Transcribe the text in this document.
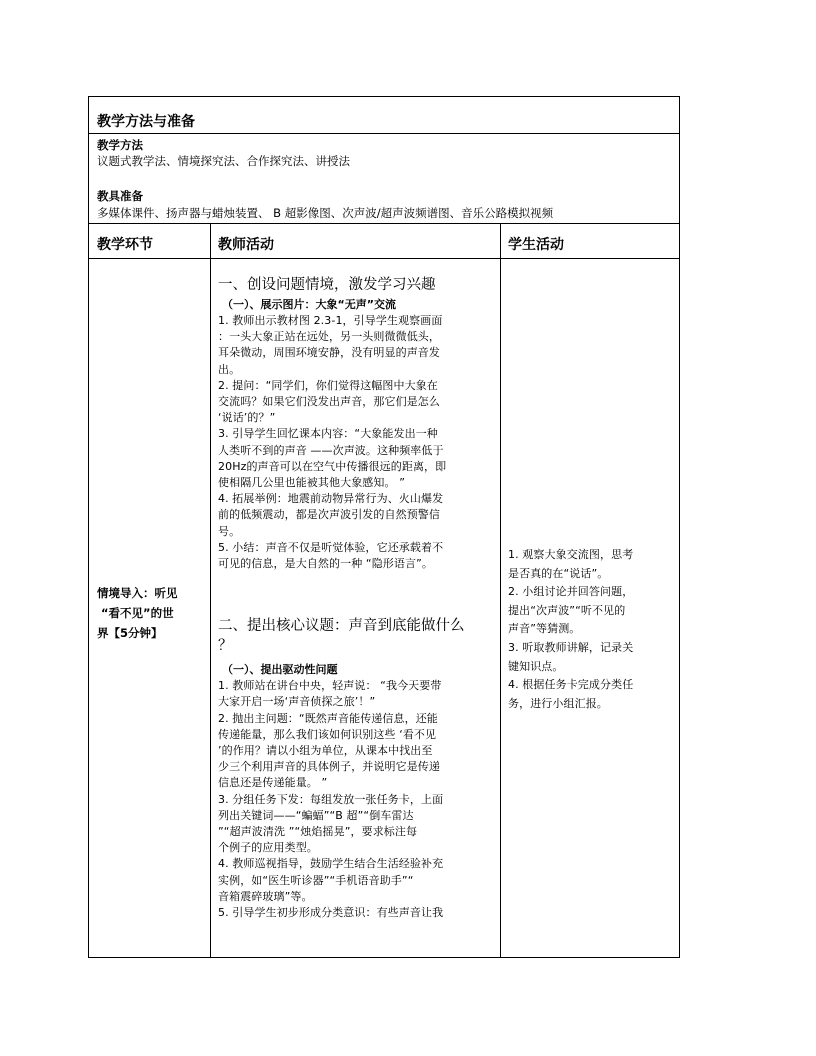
教学方法与准备
教学方法
议题式教学法、情境探究法、合作探究法、讲授法
教具准备
多媒体课件、扬声器与蜡烛装置、 B 超影像图、次声波/超声波频谱图、音乐公路模拟视频
教学环节	教师活动	学生活动
情境导入：听见
“看不见”的世
界【5分钟】

一、创设问题情境，激发学习兴趣

（一）、展示图片：大象“无声”交流

1. 教师出示教材图 2.3-1，引导学生观察画面

：一头大象正站在远处，另一头则微微低头，

耳朵微动，周围环境安静，没有明显的声音发

出。

2. 提问：“同学们，你们觉得这幅图中大象在

交流吗？如果它们没发出声音，那它们是怎么

‘说话’的？”

3. 引导学生回忆课本内容：“大象能发出一种

人类听不到的声音 ——次声波。这种频率低于

20Hz的声音可以在空气中传播很远的距离，即

使相隔几公里也能被其他大象感知。 ”

4. 拓展举例：地震前动物异常行为、火山爆发

前的低频震动，都是次声波引发的自然预警信

号。

5. 小结：声音不仅是听觉体验，它还承载着不

可见的信息，是大自然的一种 “隐形语言”。

二、提出核心议题：声音到底能做什么

？

（一）、提出驱动性问题

1. 教师站在讲台中央，轻声说： “我今天要带

大家开启一场‘声音侦探之旅’！”

2. 抛出主问题：“既然声音能传递信息，还能

传递能量，那么我们该如何识别这些 ‘看不见

’的作用？请以小组为单位，从课本中找出至

少三个利用声音的具体例子，并说明它是传递

信息还是传递能量。 ”

3. 分组任务下发：每组发放一张任务卡，上面

列出关键词——“蝙蝠”“B 超”“倒车雷达

”“超声波清洗 ”“烛焰摇晃”，要求标注每

个例子的应用类型。

4. 教师巡视指导，鼓励学生结合生活经验补充

实例，如“医生听诊器”“手机语音助手”“

音箱震碎玻璃”等。

5. 引导学生初步形成分类意识：有些声音让我

1. 观察大象交流图，思考

是否真的在“说话”。

2. 小组讨论并回答问题，

提出“次声波”“听不见的

声音”等猜测。

3. 听取教师讲解，记录关

键知识点。

4. 根据任务卡完成分类任

务，进行小组汇报。
